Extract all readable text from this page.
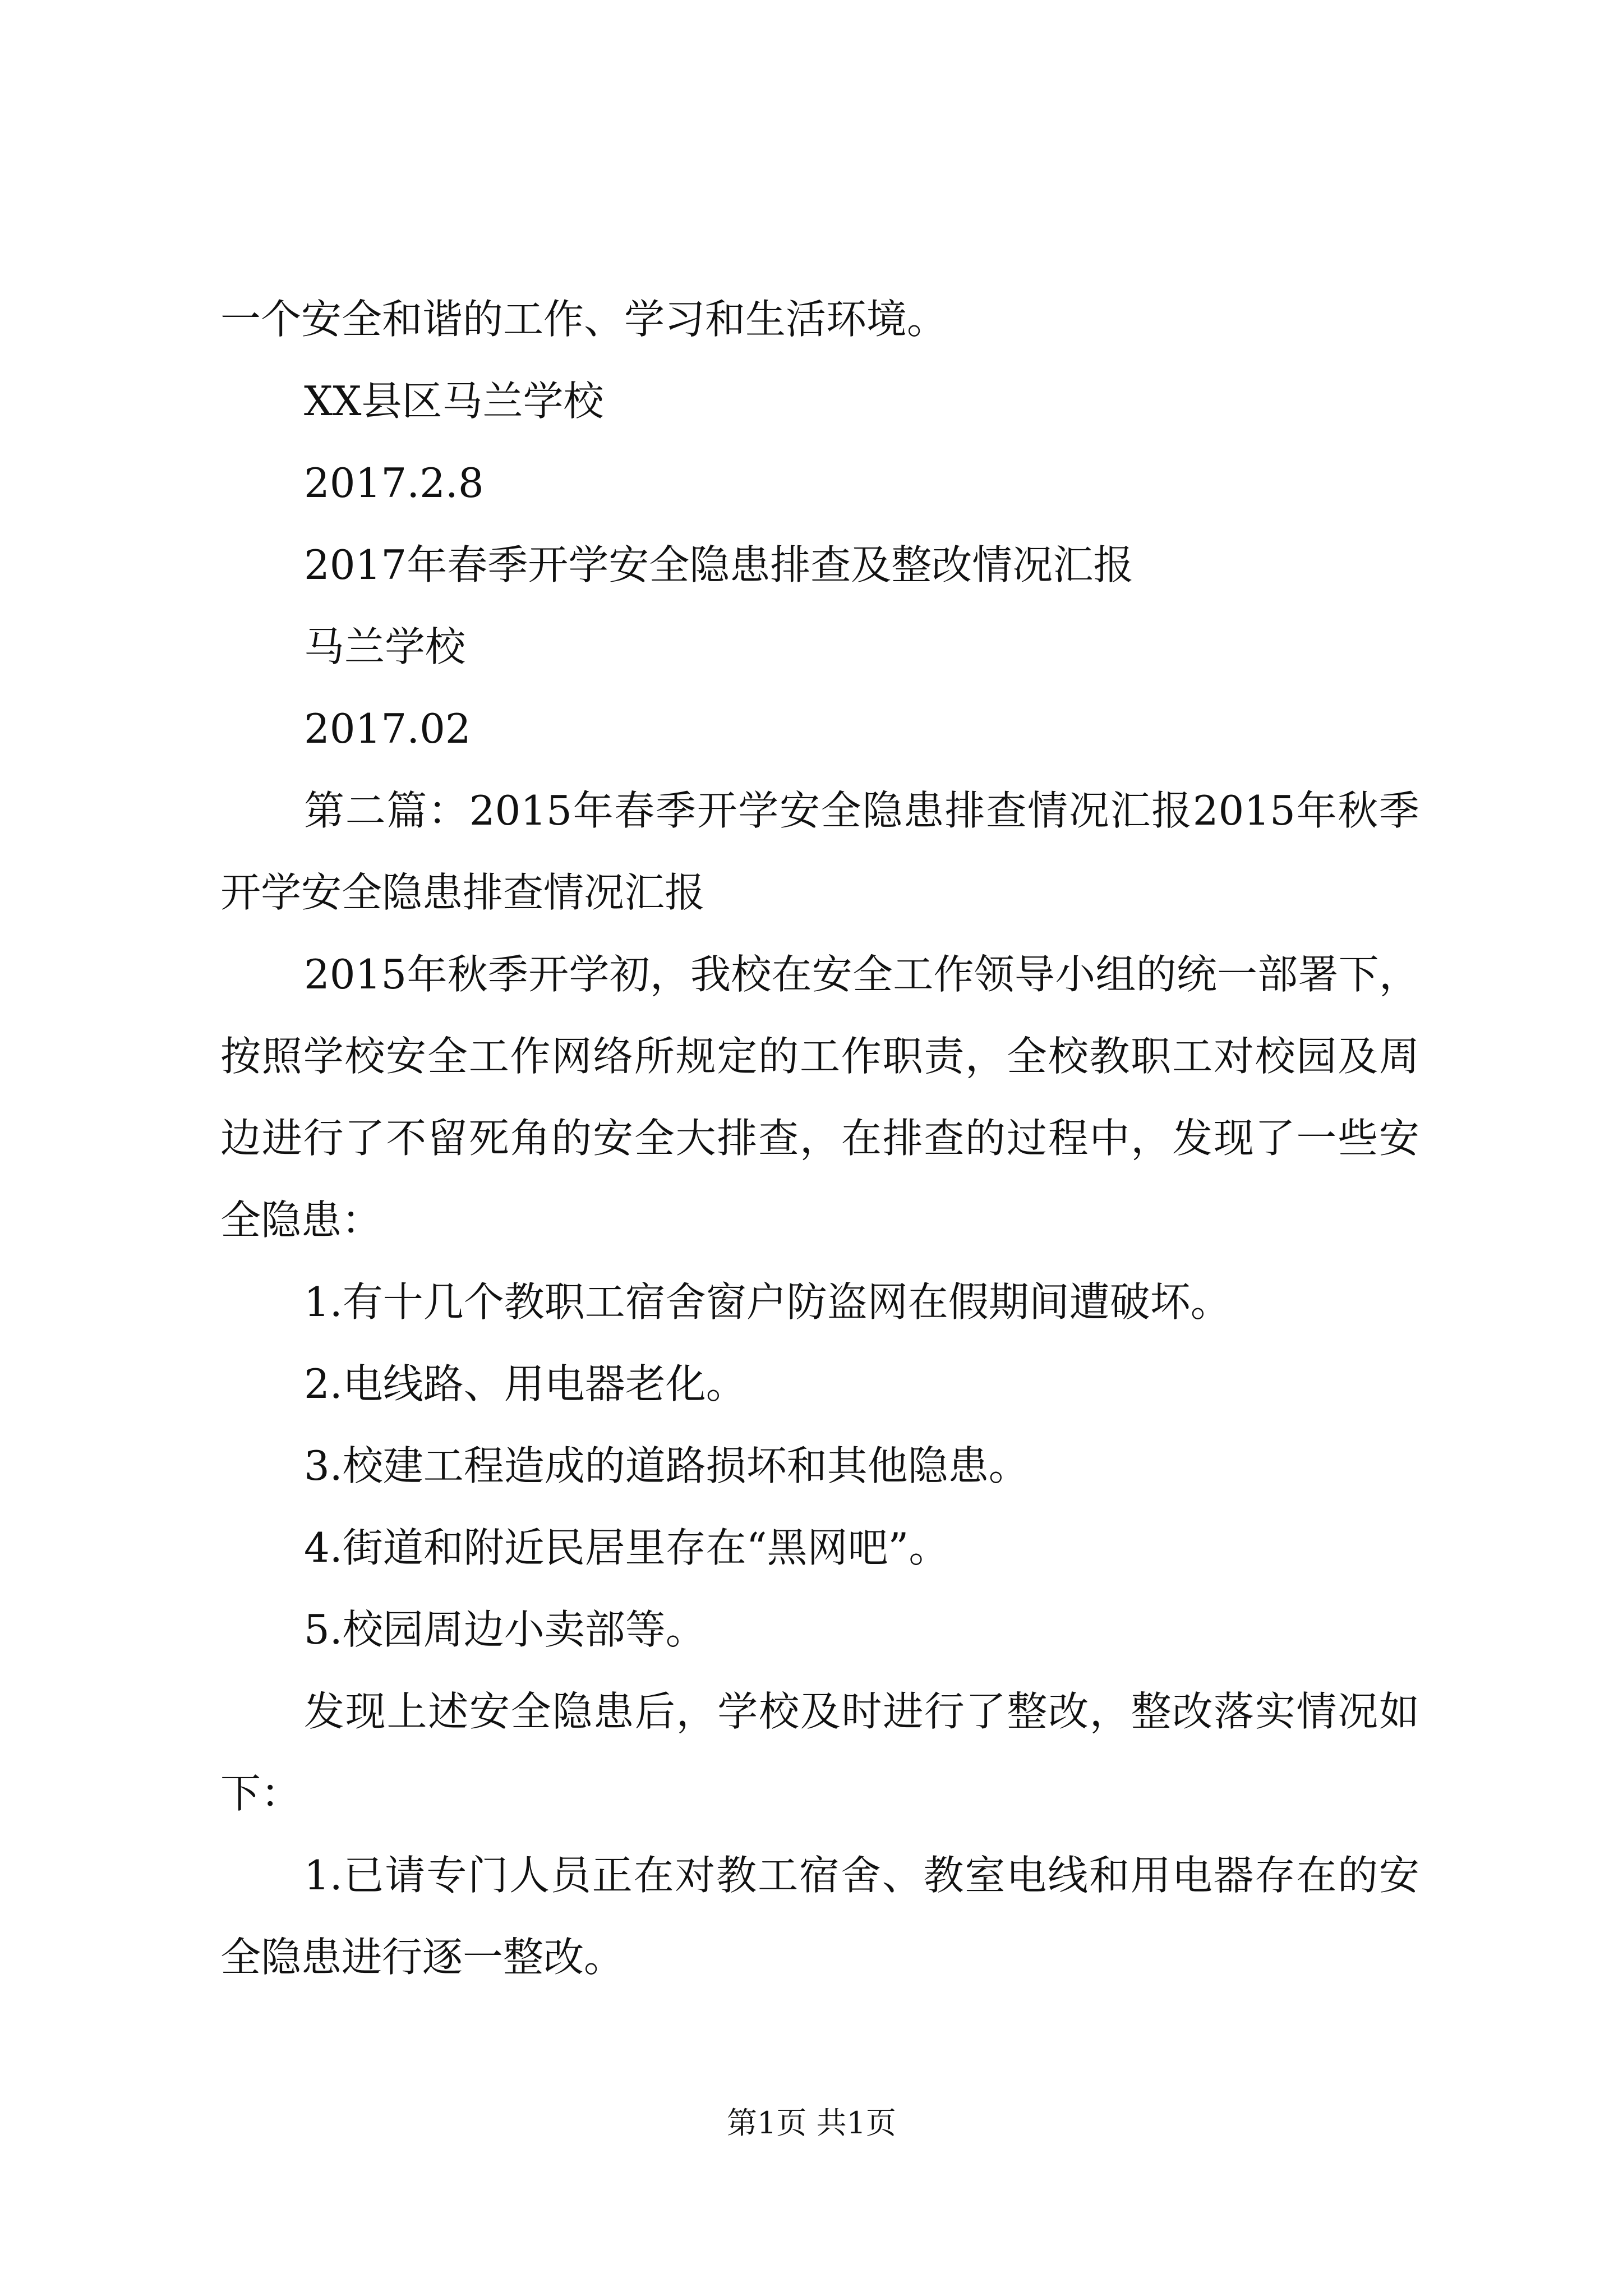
一个安全和谐的工作、学习和生活环境。

XX县区马兰学校

2017.2.8

2017年春季开学安全隐患排查及整改情况汇报

马兰学校

2017.02

第二篇：2015年春季开学安全隐患排查情况汇报2015年秋季开学安全隐患排查情况汇报

2015年秋季开学初，我校在安全工作领导小组的统一部署下，按照学校安全工作网络所规定的工作职责，全校教职工对校园及周边进行了不留死角的安全大排查，在排查的过程中，发现了一些安全隐患：

1.有十几个教职工宿舍窗户防盗网在假期间遭破坏。

2.电线路、用电器老化。

3.校建工程造成的道路损坏和其他隐患。

4.街道和附近民居里存在“黑网吧”。

5.校园周边小卖部等。

发现上述安全隐患后，学校及时进行了整改，整改落实情况如下：

1.已请专门人员正在对教工宿舍、教室电线和用电器存在的安全隐患进行逐一整改。

第1页 共1页
